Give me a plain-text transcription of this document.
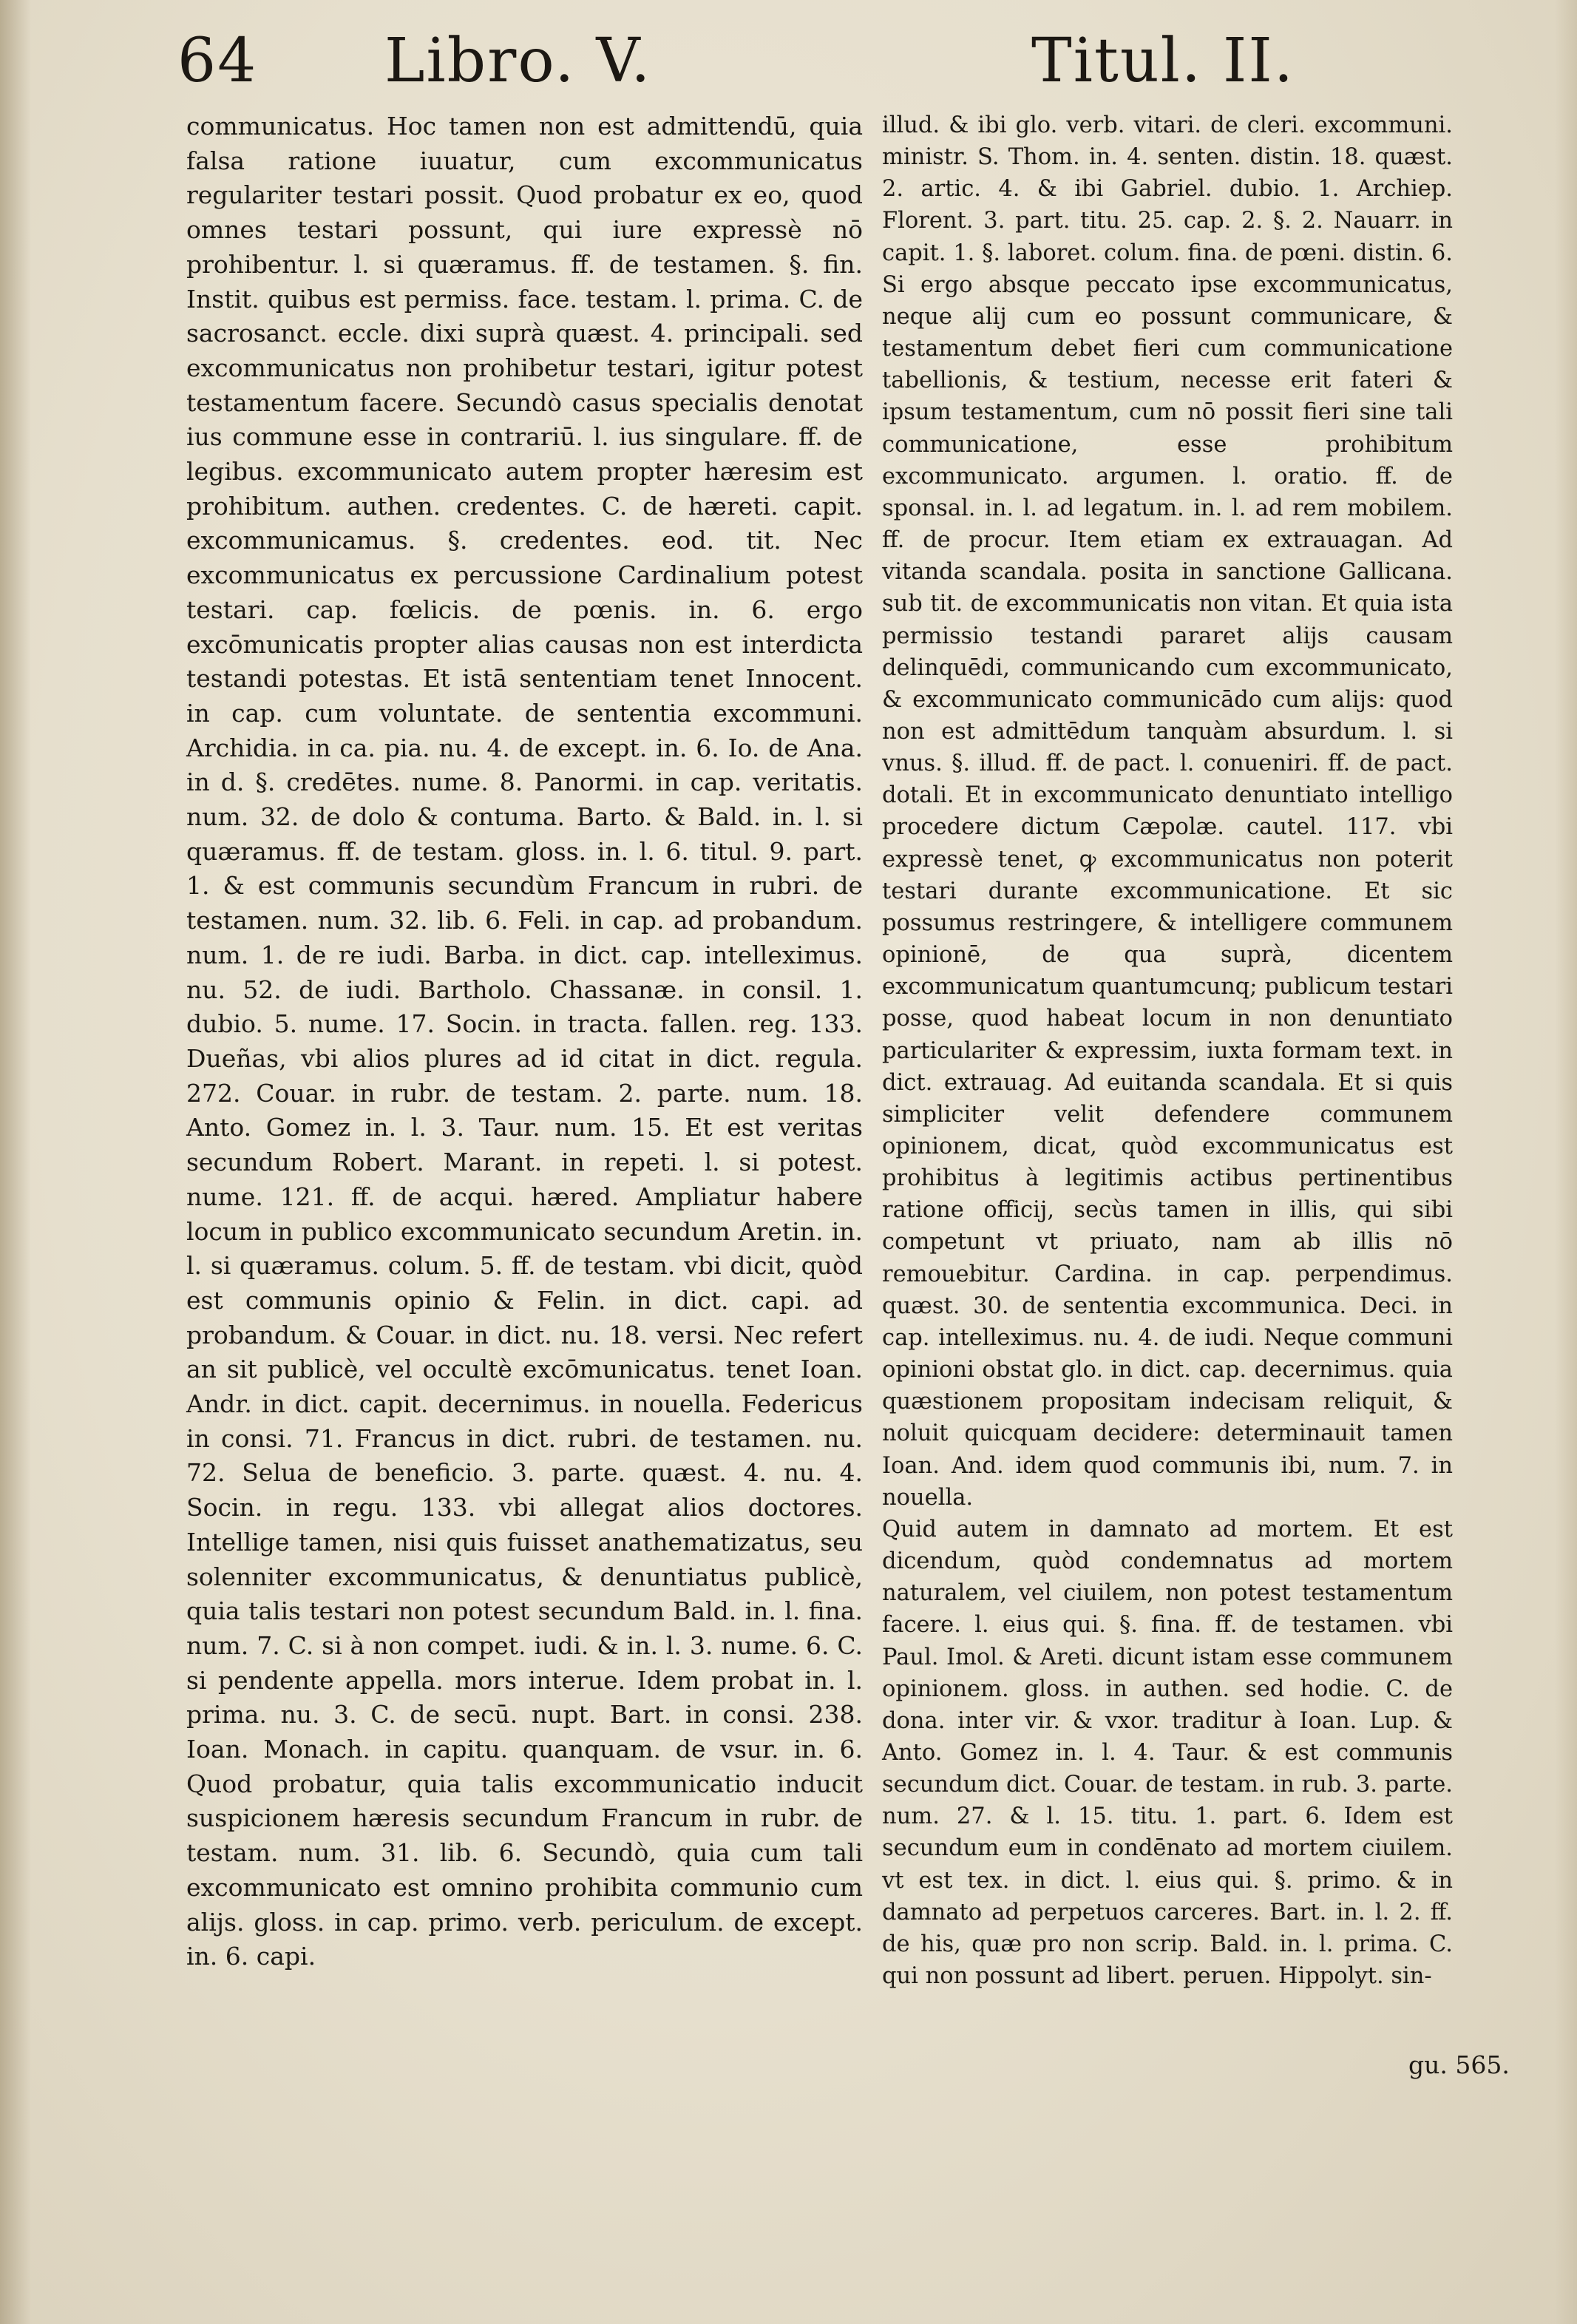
64 Libro. V.	Titul. II.

communicatus. Hoc tamen non est admittendū, quia falsa ratione iuuatur, cum excommunicatus regulariter testari possit. Quod probatur ex eo, quod omnes testari possunt, qui iure expressè nō prohibentur. l. si quæramus. ff. de testamen. §. fin. Instit. quibus est permiss. face. testam. l. prima. C. de sacrosanct. eccle. dixi suprà quæst. 4. principali. sed excommunicatus non prohibetur testari, igitur potest testamentum facere. Secundò casus specialis denotat ius commune esse in contrariū. l. ius singulare. ff. de legibus. excommunicato autem propter hæresim est prohibitum. authen. credentes. C. de hæreti. capit. excommunicamus. §. credentes. eod. tit. Nec excommunicatus ex percussione Cardinalium potest testari. cap. fœlicis. de pœnis. in. 6. ergo excōmunicatis propter alias causas non est interdicta testandi potestas. Et istā sententiam tenet Innocent. in cap. cum voluntate. de sententia excommuni. Archidia. in ca. pia. nu. 4. de except. in. 6. Io. de Ana. in d. §. credētes. nume. 8. Panormi. in cap. veritatis. num. 32. de dolo & contuma. Barto. & Bald. in. l. si quæramus. ff. de testam. gloss. in. l. 6. titul. 9. part. 1. & est communis secundùm Francum in rubri. de testamen. num. 32. lib. 6. Feli. in cap. ad probandum. num. 1. de re iudi. Barba. in dict. cap. intelleximus. nu. 52. de iudi. Bartholo. Chassanæ. in consil. 1. dubio. 5. nume. 17. Socin. in tracta. fallen. reg. 133. Dueñas, vbi alios plures ad id citat in dict. regula. 272. Couar. in rubr. de testam. 2. parte. num. 18. Anto. Gomez in. l. 3. Taur. num. 15. Et est veritas secundum Robert. Marant. in repeti. l. si potest. nume. 121. ff. de acqui. hæred. Ampliatur habere locum in publico excommunicato secundum Aretin. in. l. si quæramus. colum. 5. ff. de testam. vbi dicit, quòd est communis opinio & Felin. in dict. capi. ad probandum. & Couar. in dict. nu. 18. versi. Nec refert an sit publicè, vel occultè excōmunicatus. tenet Ioan. Andr. in dict. capit. decernimus. in nouella. Federicus in consi. 71. Francus in dict. rubri. de testamen. nu. 72. Selua de beneficio. 3. parte. quæst. 4. nu. 4. Socin. in regu. 133. vbi allegat alios doctores. Intellige tamen, nisi quis fuisset anathematizatus, seu solenniter excommunicatus, & denuntiatus publicè, quia talis testari non potest secundum Bald. in. l. fina. num. 7. C. si à non compet. iudi. & in. l. 3. nume. 6. C. si pendente appella. mors interue. Idem probat in. l. prima. nu. 3. C. de secū. nupt. Bart. in consi. 238. Ioan. Monach. in capitu. quanquam. de vsur. in. 6. Quod probatur, quia talis excommunicatio inducit suspicionem hæresis secundum Francum in rubr. de testam. num. 31. lib. 6. Secundò, quia cum tali excommunicato est omnino prohibita communio cum alijs. gloss. in cap. primo. verb. periculum. de except. in. 6. capi.

illud. & ibi glo. verb. vitari. de cleri. excommuni. ministr. S. Thom. in. 4. senten. distin. 18. quæst. 2. artic. 4. & ibi Gabriel. dubio. 1. Archiep. Florent. 3. part. titu. 25. cap. 2. §. 2. Nauarr. in capit. 1. §. laboret. colum. fina. de pœni. distin. 6. Si ergo absque peccato ipse excommunicatus, neque alij cum eo possunt communicare, & testamentum debet fieri cum communicatione tabellionis, & testium, necesse erit fateri & ipsum testamentum, cum nō possit fieri sine tali communicatione, esse prohibitum excommunicato. argumen. l. oratio. ff. de sponsal. in. l. ad legatum. in. l. ad rem mobilem. ff. de procur. Item etiam ex extrauagan. Ad vitanda scandala. posita in sanctione Gallicana. sub tit. de excommunicatis non vitan. Et quia ista permissio testandi pararet alijs causam delinquēdi, communicando cum excommunicato, & excommunicato communicādo cum alijs: quod non est admittēdum tanquàm absurdum. l. si vnus. §. illud. ff. de pact. l. conueniri. ff. de pact. dotali. Et in excommunicato denuntiato intelligo procedere dictum Cæpolæ. cautel. 117. vbi expressè tenet, ꝙ excommunicatus non poterit testari durante excommunicatione. Et sic possumus restringere, & intelligere communem opinionē, de qua suprà, dicentem excommunicatum quantumcunq; publicum testari posse, quod habeat locum in non denuntiato particulariter & expressim, iuxta formam text. in dict. extrauag. Ad euitanda scandala. Et si quis simpliciter velit defendere communem opinionem, dicat, quòd excommunicatus est prohibitus à legitimis actibus pertinentibus ratione officij, secùs tamen in illis, qui sibi competunt vt priuato, nam ab illis nō remouebitur. Cardina. in cap. perpendimus. quæst. 30. de sententia excommunica. Deci. in cap. intelleximus. nu. 4. de iudi. Neque communi opinioni obstat glo. in dict. cap. decernimus. quia quæstionem propositam indecisam reliquit, & noluit quicquam decidere: determinauit tamen Ioan. And. idem quod communis ibi, num. 7. in nouella.

Quid autem in damnato ad mortem. Et est dicendum, quòd condemnatus ad mortem naturalem, vel ciuilem, non potest testamentum facere. l. eius qui. §. fina. ff. de testamen. vbi Paul. Imol. & Areti. dicunt istam esse communem opinionem. gloss. in authen. sed hodie. C. de dona. inter vir. & vxor. traditur à Ioan. Lup. & Anto. Gomez in. l. 4. Taur. & est communis secundum dict. Couar. de testam. in rub. 3. parte. num. 27. & l. 15. titu. 1. part. 6. Idem est secundum eum in condēnato ad mortem ciuilem. vt est tex. in dict. l. eius qui. §. primo. & in damnato ad perpetuos carceres. Bart. in. l. 2. ff. de his, quæ pro non scrip. Bald. in. l. prima. C. qui non possunt ad libert. peruen. Hippolyt. sin-

gu. 565.
